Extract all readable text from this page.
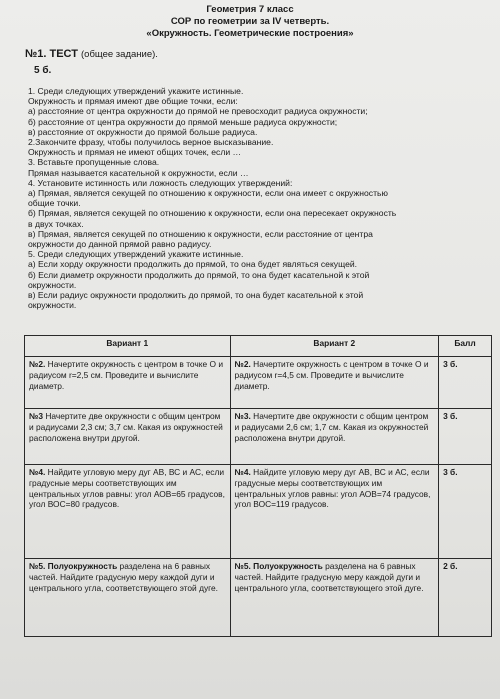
Геометрия 7 класс
СОР по геометрии за IV четверть.
«Окружность. Геометрические построения»
№1. ТЕСТ (общее задание).
5 б.
1. Среди следующих утверждений укажите истинные.
Окружность и прямая имеют две общие точки, если:
а) расстояние от центра окружности до прямой не превосходит радиуса окружности;
б) расстояние от центра окружности до прямой меньше радиуса окружности;
в) расстояние от окружности до прямой больше радиуса.
2.Закончите фразу, чтобы получилось верное высказывание.
Окружность и прямая не имеют общих точек, если …
3. Вставьте пропущенные слова.
Прямая называется касательной к окружности, если …
4. Установите истинность или ложность следующих утверждений:
а) Прямая, является секущей по отношению к окружности, если она имеет с окружностью
общие точки.
б) Прямая, является секущей по отношению к окружности, если она пересекает окружность
в двух точках.
в) Прямая, является секущей по отношению к окружности, если расстояние от центра
окружности до данной прямой равно радиусу.
5. Среди следующих утверждений укажите истинные.
а) Если хорду окружности продолжить до прямой, то она будет являться секущей.
б) Если диаметр окружности продолжить до прямой, то она будет касательной к этой
окружности.
в) Если радиус окружности продолжить до прямой, то она будет касательной к этой
окружности.
Вариант 1	Вариант 2	Балл
№2. Начертите окружность с центром в точке О и радиусом r=2,5 см. Проведите и вычислите диаметр.	№2. Начертите окружность с центром в точке О и радиусом r=4,5 см. Проведите и вычислите диаметр.	3 б.
№3 Начертите две окружности с общим центром и радиусами 2,3 см; 3,7 см. Какая из окружностей расположена внутри другой.	№3. Начертите две окружности с общим центром и радиусами 2,6 см; 1,7 см. Какая из окружностей расположена внутри другой.	3 б.
№4. Найдите угловую меру дуг АВ, ВС и АС, если градусные меры соответствующих им центральных углов равны: угол АОВ=65 градусов, угол ВОС=80 градусов.	№4. Найдите угловую меру дуг АВ, ВС и АС, если градусные меры соответствующих им центральных углов равны: угол АОВ=74 градусов, угол ВОС=119 градусов.	3 б.
№5. Полуокружность разделена на 6 равных частей. Найдите градусную меру каждой дуги и центрального угла, соответствующего этой дуге.	№5. Полуокружность разделена на 6 равных частей. Найдите градусную меру каждой дуги и центрального угла, соответствующего этой дуге.	2 б.
